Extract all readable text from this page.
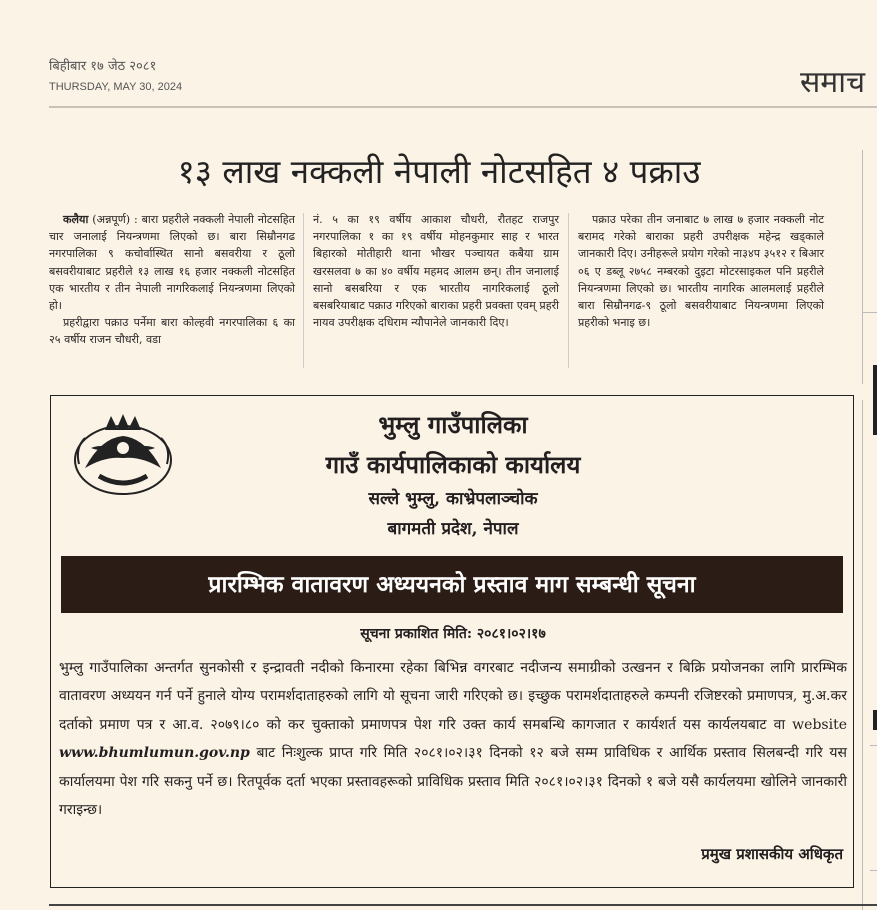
बिहीबार १७ जेठ २०८१
THURSDAY, MAY 30, 2024	समाच
१३ लाख नक्कली नेपाली नोटसहित ४ पक्राउ

कलैया (अन्नपूर्ण) : बारा प्रहरीले नक्कली नेपाली नोटसहित चार जनालाई नियन्त्रणमा लिएको छ। बारा सिम्रौनगढ नगरपालिका ९ कचोर्वास्थित सानो बसवरीया र ठूलो बसवरीयाबाट प्रहरीले १३ लाख १६ हजार नक्कली नोटसहित एक भारतीय र तीन नेपाली नागरिकलाई नियन्त्रणमा लिएको हो।

प्रहरीद्वारा पक्राउ पर्नेमा बारा कोल्हवी नगरपालिका ६ का २५ वर्षीय राजन चौधरी, वडा

नं. ५ का १९ वर्षीय आकाश चौधरी, रौतहट राजपुर नगरपालिका १ का १९ वर्षीय मोहनकुमार साह र भारत बिहारको मोतीहारी थाना भौखर पञ्चायत कबैया ग्राम खरसलवा ७ का ४० वर्षीय महमद आलम छन्। तीन जनालाई सानो बसबरिया र एक भारतीय नागरिकलाई ठूलो बसबरियाबाट पक्राउ गरिएको बाराका प्रहरी प्रवक्ता एवम् प्रहरी नायव उपरीक्षक दधिराम न्यौपानेले जानकारी दिए।

पक्राउ परेका तीन जनाबाट ७ लाख ७ हजार नक्कली नोट बरामद गरेको बाराका प्रहरी उपरीक्षक महेन्द्र खड्काले जानकारी दिए। उनीहरूले प्रयोग गरेको ना३४प ३५१२ र बिआर ०६ ए डब्लू २७५८ नम्बरको दुइटा मोटरसाइकल पनि प्रहरीले नियन्त्रणमा लिएको छ। भारतीय नागरिक आलमलाई प्रहरीले बारा सिम्रौनगढ-९ ठूलो बसवरीयाबाट नियन्त्रणमा लिएको प्रहरीको भनाइ छ।

भुम्लु गाउँपालिका
गाउँ कार्यपालिकाको कार्यालय
सल्ले भुम्लु, काभ्रेपलाञ्चोक
बागमती प्रदेश, नेपाल
प्रारम्भिक वातावरण अध्ययनको प्रस्ताव माग सम्बन्धी सूचना
सूचना प्रकाशित मिति: २०८१।०२।१७
भुम्लु गाउँपालिका अन्तर्गत सुनकोसी र इन्द्रावती नदीको किनारमा रहेका बिभिन्न वगरबाट नदीजन्य समाग्रीको उत्खनन र बिक्रि प्रयोजनका लागि प्रारम्भिक वातावरण अध्ययन गर्न पर्ने हुनाले योग्य परामर्शदाताहरुको लागि यो सूचना जारी गरिएको छ। इच्छुक परामर्शदाताहरुले कम्पनी रजिष्टरको प्रमाणपत्र, मु.अ.कर दर्ताको प्रमाण पत्र र आ.व. २०७९।८० को कर चुक्ताको प्रमाणपत्र पेश गरि उक्त कार्य समबन्धि कागजात र कार्यशर्त यस कार्यलयबाट वा website www.bhumlumun.gov.np बाट निःशुल्क प्राप्त गरि मिति २०८१।०२।३१ दिनको १२ बजे सम्म प्राविधिक र आर्थिक प्रस्ताव सिलबन्दी गरि यस कार्यालयमा पेश गरि सकनु पर्ने छ। रितपूर्वक दर्ता भएका प्रस्तावहरूको प्राविधिक प्रस्ताव मिति २०८१।०२।३१ दिनको १ बजे यसै कार्यलयमा खोलिने जानकारी गराइन्छ।
प्रमुख प्रशासकीय अधिकृत
